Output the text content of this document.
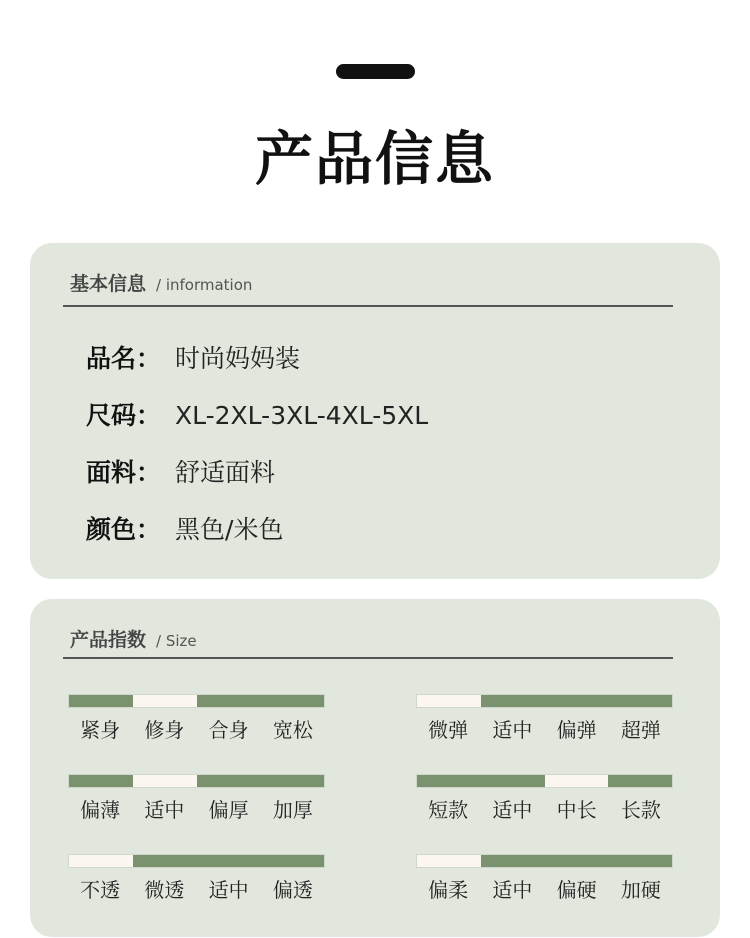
产品信息
基本信息 / information
品名： 时尚妈妈装
尺码： XL-2XL-3XL-4XL-5XL
面料： 舒适面料
颜色： 黑色/米色
产品指数 / Size
紧身	修身	合身	宽松	微弹	适中	偏弹	超弹
偏薄	适中	偏厚	加厚	短款	适中	中长	长款
不透	微透	适中	偏透	偏柔	适中	偏硬	加硬
